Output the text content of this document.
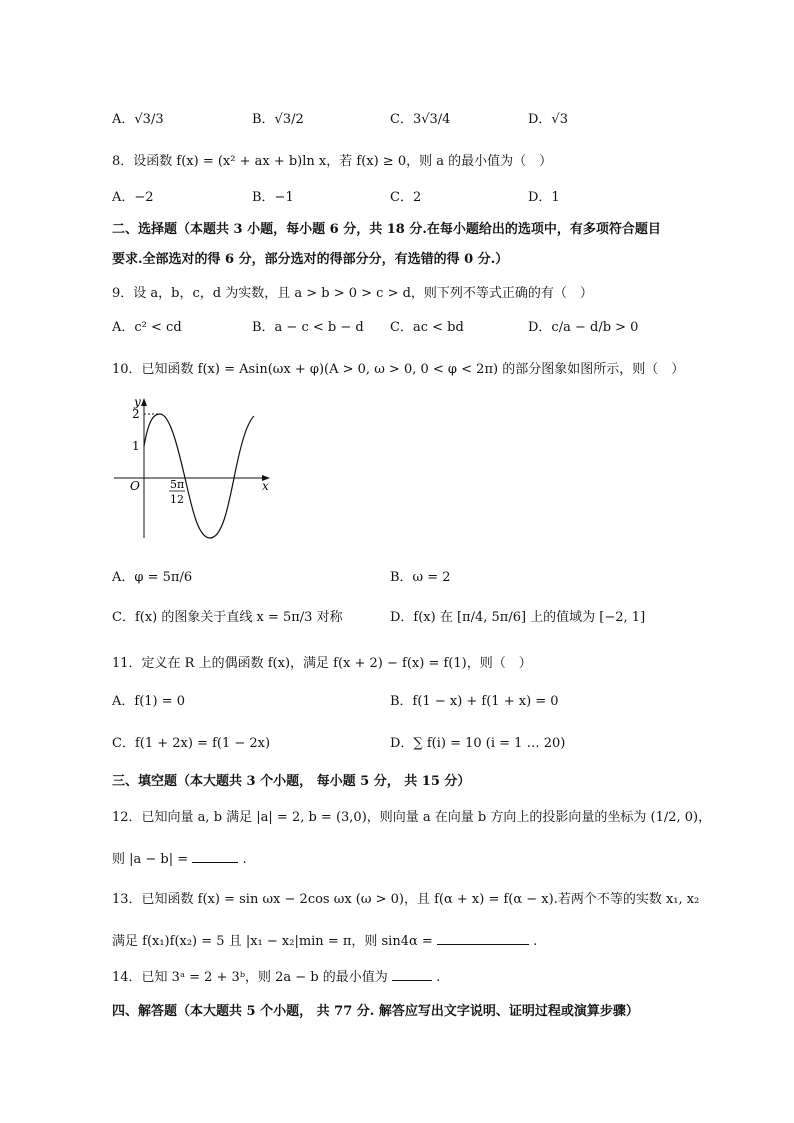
A．√3/3	B．√3/2	C．3√3/4	D．√3
8．设函数 f(x) = (x² + ax + b)ln x，若 f(x) ≥ 0，则 a 的最小值为（　）
A．−2	B．−1	C．2	D．1
二、选择题（本题共 3 小题，每小题 6 分，共 18 分.在每小题给出的选项中，有多项符合题目
要求.全部选对的得 6 分，部分选对的得部分分，有选错的得 0 分.）
9．设 a，b，c，d 为实数，且 a > b > 0 > c > d，则下列不等式正确的有（　）
A．c² < cd	B．a − c < b − d C．ac < bd	D．c/a − d/b > 0
10．已知函数 f(x) = Asin(ωx + φ)(A > 0, ω > 0, 0 < φ < 2π) 的部分图象如图所示，则（　）
y
2
1
O	x
5π
12
A．φ = 5π/6	B．ω = 2
C．f(x) 的图象关于直线 x = 5π/3 对称	D．f(x) 在 [π/4, 5π/6] 上的值域为 [−2, 1]
11．定义在 R 上的偶函数 f(x)，满足 f(x + 2) − f(x) = f(1)，则（　）
A．f(1) = 0	B．f(1 − x) + f(1 + x) = 0
C．f(1 + 2x) = f(1 − 2x)	D．∑ f(i) = 10 (i = 1 … 20)
三、填空题（本大题共 3 个小题， 每小题 5 分， 共 15 分）
12．已知向量 a, b 满足 |a| = 2, b = (3,0)，则向量 a 在向量 b 方向上的投影向量的坐标为 (1/2, 0)，
则 |a − b| =	.
13．已知函数 f(x) = sin ωx − 2cos ωx (ω > 0)，且 f(α + x) = f(α − x).若两个不等的实数 x₁, x₂
满足 f(x₁)f(x₂) = 5 且 |x₁ − x₂|min = π，则 sin4α =	.
14．已知 3ᵃ = 2 + 3ᵇ，则 2a − b 的最小值为	.
四、解答题（本大题共 5 个小题， 共 77 分. 解答应写出文字说明、证明过程或演算步骤）
